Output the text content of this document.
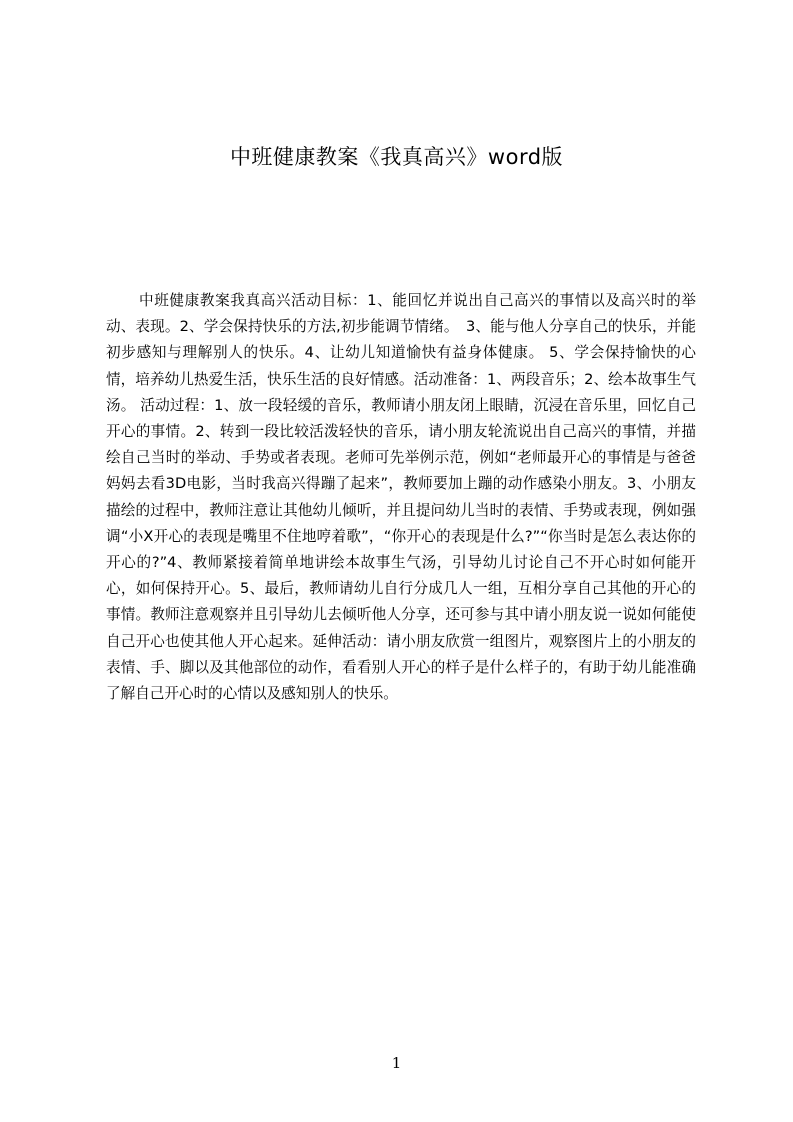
中班健康教案《我真高兴》word版
中班健康教案我真高兴活动目标：1、能回忆并说出自己高兴的事情以及高兴时的举动、表现。2、学会保持快乐的方法,初步能调节情绪。　3、能与他人分享自己的快乐，并能初步感知与理解别人的快乐。4、让幼儿知道愉快有益身体健康。 5、学会保持愉快的心情，培养幼儿热爱生活，快乐生活的良好情感。活动准备：1、两段音乐；2、绘本故事生气汤。 活动过程：1、放一段轻缓的音乐，教师请小朋友闭上眼睛，沉浸在音乐里，回忆自己开心的事情。2、转到一段比较活泼轻快的音乐，请小朋友轮流说出自己高兴的事情，并描绘自己当时的举动、手势或者表现。老师可先举例示范，例如“老师最开心的事情是与爸爸妈妈去看3D电影，当时我高兴得蹦了起来”，教师要加上蹦的动作感染小朋友。3、小朋友描绘的过程中，教师注意让其他幼儿倾听，并且提问幼儿当时的表情、手势或表现，例如强调“小X开心的表现是嘴里不住地哼着歌”，“你开心的表现是什么?”“你当时是怎么表达你的开心的?”4、教师紧接着简单地讲绘本故事生气汤，引导幼儿讨论自己不开心时如何能开心，如何保持开心。5、最后，教师请幼儿自行分成几人一组，互相分享自己其他的开心的事情。教师注意观察并且引导幼儿去倾听他人分享，还可参与其中请小朋友说一说如何能使自己开心也使其他人开心起来。延伸活动：请小朋友欣赏一组图片，观察图片上的小朋友的表情、手、脚以及其他部位的动作，看看别人开心的样子是什么样子的，有助于幼儿能准确了解自己开心时的心情以及感知别人的快乐。
1
